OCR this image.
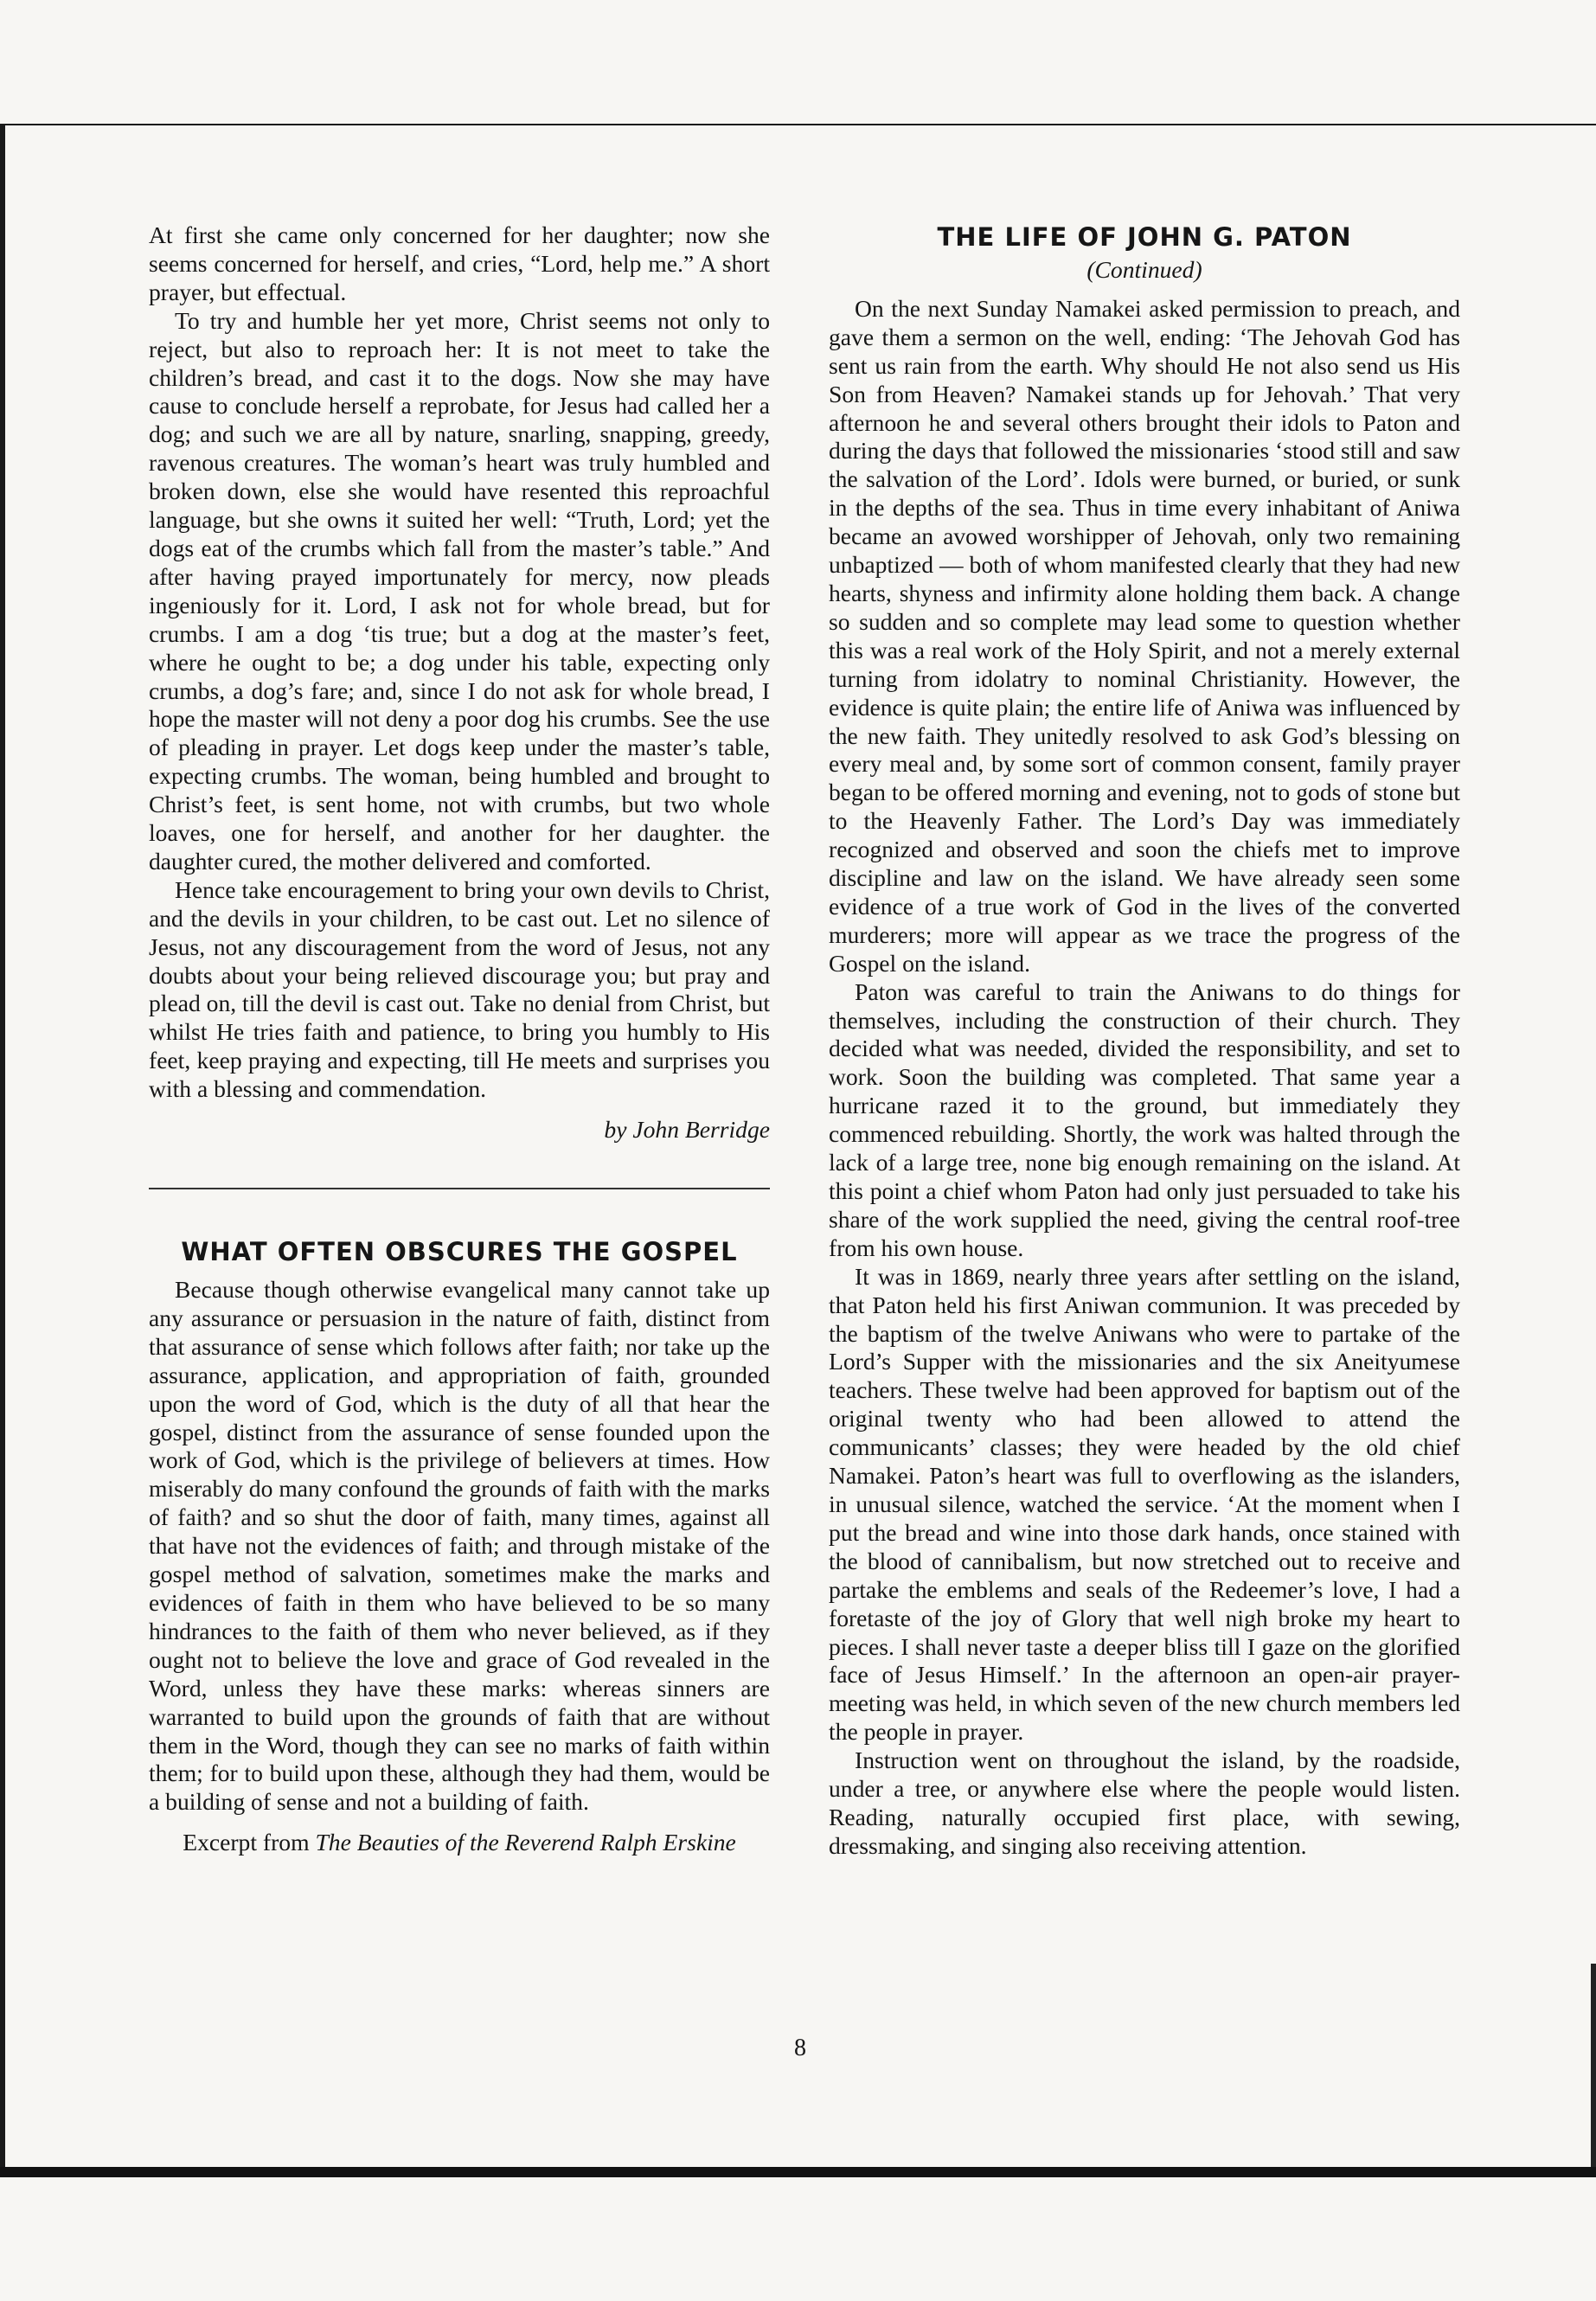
At first she came only concerned for her daughter; now she seems concerned for herself, and cries, “Lord, help me.” A short prayer, but effectual.

To try and humble her yet more, Christ seems not only to reject, but also to reproach her: It is not meet to take the children’s bread, and cast it to the dogs. Now she may have cause to conclude herself a reprobate, for Jesus had called her a dog; and such we are all by nature, snarling, snapping, greedy, ravenous creatures. The woman’s heart was truly humbled and broken down, else she would have resented this reproachful language, but she owns it suited her well: “Truth, Lord; yet the dogs eat of the crumbs which fall from the master’s table.” And after having prayed importunately for mercy, now pleads ingeniously for it. Lord, I ask not for whole bread, but for crumbs. I am a dog ‘tis true; but a dog at the master’s feet, where he ought to be; a dog under his table, expecting only crumbs, a dog’s fare; and, since I do not ask for whole bread, I hope the master will not deny a poor dog his crumbs. See the use of pleading in prayer. Let dogs keep under the master’s table, expecting crumbs. The woman, being humbled and brought to Christ’s feet, is sent home, not with crumbs, but two whole loaves, one for herself, and another for her daughter. the daughter cured, the mother delivered and comforted.

Hence take encouragement to bring your own devils to Christ, and the devils in your children, to be cast out. Let no silence of Jesus, not any discouragement from the word of Jesus, not any doubts about your being relieved discourage you; but pray and plead on, till the devil is cast out. Take no denial from Christ, but whilst He tries faith and patience, to bring you humbly to His feet, keep praying and expecting, till He meets and surprises you with a blessing and commendation.

by John Berridge
WHAT OFTEN OBSCURES THE GOSPEL

Because though otherwise evangelical many cannot take up any assurance or persuasion in the nature of faith, distinct from that assurance of sense which follows after faith; nor take up the assurance, application, and appropriation of faith, grounded upon the word of God, which is the duty of all that hear the gospel, distinct from the assurance of sense founded upon the work of God, which is the privilege of believers at times. How miserably do many confound the grounds of faith with the marks of faith? and so shut the door of faith, many times, against all that have not the evidences of faith; and through mistake of the gospel method of salvation, sometimes make the marks and evidences of faith in them who have believed to be so many hindrances to the faith of them who never believed, as if they ought not to believe the love and grace of God revealed in the Word, unless they have these marks: whereas sinners are warranted to build upon the grounds of faith that are without them in the Word, though they can see no marks of faith within them; for to build upon these, although they had them, would be a building of sense and not a building of faith.

Excerpt from The Beauties of the Reverend Ralph Erskine
THE LIFE OF JOHN G. PATON
(Continued)

On the next Sunday Namakei asked permission to preach, and gave them a sermon on the well, ending: ‘The Jehovah God has sent us rain from the earth. Why should He not also send us His Son from Heaven? Namakei stands up for Jehovah.’ That very afternoon he and several others brought their idols to Paton and during the days that followed the missionaries ‘stood still and saw the salvation of the Lord’. Idols were burned, or buried, or sunk in the depths of the sea. Thus in time every inhabitant of Aniwa became an avowed worshipper of Jehovah, only two remaining unbaptized — both of whom manifested clearly that they had new hearts, shyness and infirmity alone holding them back. A change so sudden and so complete may lead some to question whether this was a real work of the Holy Spirit, and not a merely external turning from idolatry to nominal Christianity. However, the evidence is quite plain; the entire life of Aniwa was influenced by the new faith. They unitedly resolved to ask God’s blessing on every meal and, by some sort of common consent, family prayer began to be offered morning and evening, not to gods of stone but to the Heavenly Father. The Lord’s Day was immediately recognized and observed and soon the chiefs met to improve discipline and law on the island. We have already seen some evidence of a true work of God in the lives of the converted murderers; more will appear as we trace the progress of the Gospel on the island.

Paton was careful to train the Aniwans to do things for themselves, including the construction of their church. They decided what was needed, divided the responsibility, and set to work. Soon the building was completed. That same year a hurricane razed it to the ground, but immediately they commenced rebuilding. Shortly, the work was halted through the lack of a large tree, none big enough remaining on the island. At this point a chief whom Paton had only just persuaded to take his share of the work supplied the need, giving the central roof-tree from his own house.

It was in 1869, nearly three years after settling on the island, that Paton held his first Aniwan communion. It was preceded by the baptism of the twelve Aniwans who were to partake of the Lord’s Supper with the missionaries and the six Aneityumese teachers. These twelve had been approved for baptism out of the original twenty who had been allowed to attend the communicants’ classes; they were headed by the old chief Namakei. Paton’s heart was full to overflowing as the islanders, in unusual silence, watched the service. ‘At the moment when I put the bread and wine into those dark hands, once stained with the blood of cannibalism, but now stretched out to receive and partake the emblems and seals of the Redeemer’s love, I had a foretaste of the joy of Glory that well nigh broke my heart to pieces. I shall never taste a deeper bliss till I gaze on the glorified face of Jesus Himself.’ In the afternoon an open-air prayer-meeting was held, in which seven of the new church members led the people in prayer.

Instruction went on throughout the island, by the roadside, under a tree, or anywhere else where the people would listen. Reading, naturally occupied first place, with sewing, dressmaking, and singing also receiving attention.

8
